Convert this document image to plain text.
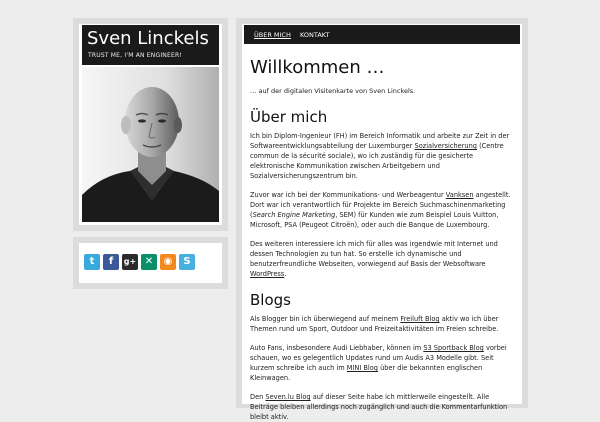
Sven Linckels
TRUST ME, I'M AN ENGINEER!
t	f	g+ ✕	◉	S
ÜBER MICH KONTAKT
Willkommen …

… auf der digitalen Visitenkarte von Sven Linckels.

Über mich

Ich bin Diplom-Ingenieur (FH) im Bereich Informatik und arbeite zur Zeit in der Softwareentwicklungsabteilung der Luxemburger Sozialversicherung (Centre commun de la sécurité sociale), wo ich zuständig für die gesicherte elektronische Kommunikation zwischen Arbeitgebern und Sozialversicherungszentrum bin.

Zuvor war ich bei der Kommunikations- und Werbeagentur Vanksen angestellt. Dort war ich verantwortlich für Projekte im Bereich Suchmaschinenmarketing (Search Engine Marketing, SEM) für Kunden wie zum Beispiel Louis Vuitton, Microsoft, PSA (Peugeot Citroën), oder auch die Banque de Luxembourg.

Des weiteren interessiere ich mich für alles was irgendwie mit Internet und dessen Technologien zu tun hat. So erstelle ich dynamische und benutzerfreundliche Webseiten, vorwiegend auf Basis der Websoftware WordPress.

Blogs

Als Blogger bin ich überwiegend auf meinem Freiluft Blog aktiv wo ich über Themen rund um Sport, Outdoor und Freizeitaktivitäten im Freien schreibe.

Auto Fans, insbesondere Audi Liebhaber, können im S3 Sportback Blog vorbei schauen, wo es gelegentlich Updates rund um Audis A3 Modelle gibt. Seit kurzem schreibe ich auch im MINI Blog über die bekannten englischen Kleinwagen.

Den Seven.lu Blog auf dieser Seite habe ich mittlerweile eingestellt. Alle Beiträge bleiben allerdings noch zugänglich und auch die Kommentarfunktion bleibt aktiv.
